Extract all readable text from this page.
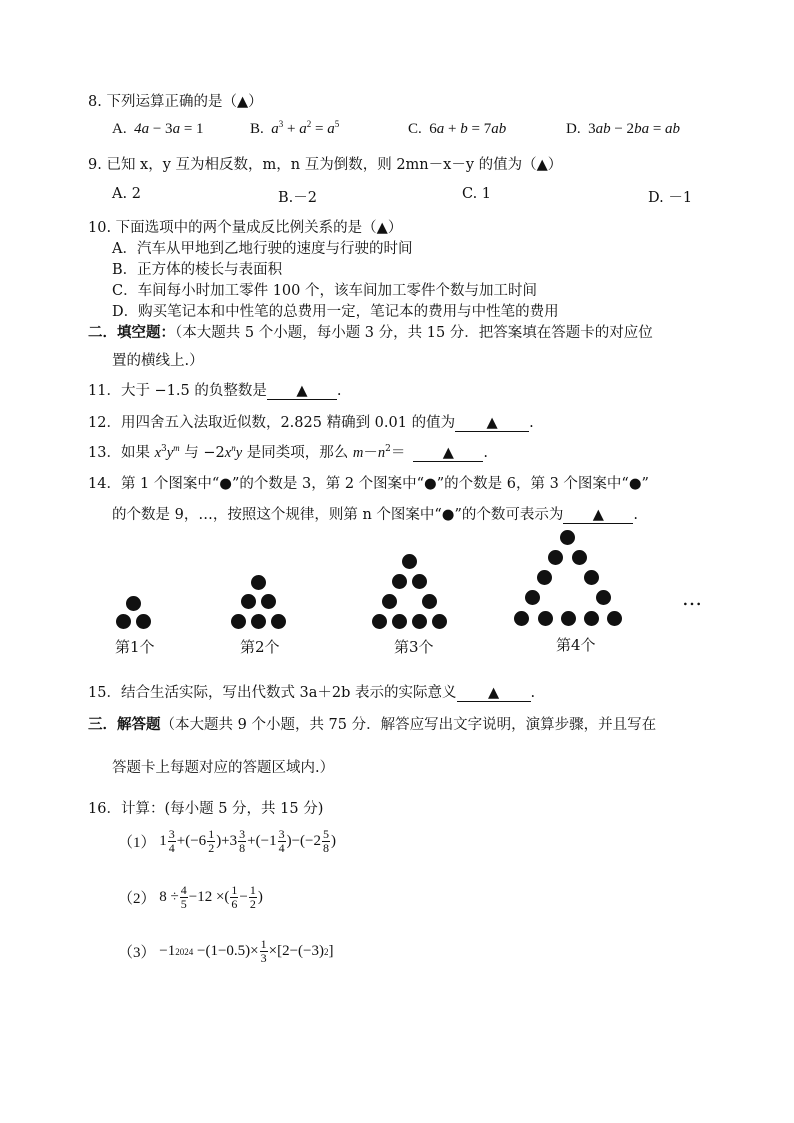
8. 下列运算正确的是（▲）
A. 4a − 3a = 1	B. $a^3 + a^2 = a^5$	C.  6a + b = 7ab	D.  3ab − 2ba = ab
9. 已知 x，y 互为相反数，m，n 互为倒数，则 2mn－x－y 的值为（▲）
A. 2	B.－2	C. 1	D. －1
10. 下面选项中的两个量成反比例关系的是（▲）
A．汽车从甲地到乙地行驶的速度与行驶的时间
B．正方体的棱长与表面积
C．车间每小时加工零件 100 个，该车间加工零件个数与加工时间
D．购买笔记本和中性笔的总费用一定，笔记本的费用与中性笔的费用
二．填空题：（本大题共 5 个小题，每小题 3 分，共 15 分．把答案填在答题卡的对应位
置的横线上.）
11．大于 −1.5 的负整数是 ▲ .
12．用四舍五入法取近似数，2.825 精确到 0.01 的值为 ▲ .
13．如果 $x^3y^m$ 与 $-2x^ny$ 是同类项，那么 $m-n^2=$	▲ .
14．第 1 个图案中“●”的个数是 3，第 2 个图案中“●”的个数是 6，第 3 个图案中“●”
的个数是 9，…，按照这个规律，则第 n 个图案中“●”的个数可表示为 ▲ .
第1个	第2个	第3个	第4个
…
15．结合生活实际，写出代数式 3a＋2b 表示的实际意义 ▲ .
三．解答题（本大题共 9 个小题，共 75 分．解答应写出文字说明，演算步骤，并且写在
答题卡上每题对应的答题区域内.）
16．计算：(每小题 5 分，共 15 分)
（1） $1 \frac{3}{4} +(-6 \frac{1}{2} )+3 \frac{3}{8} +(-1 \frac{3}{4} )-(-2 \frac{5}{8}$ )
（2） $8 \div \frac{4}{5} -12$ ×( $\frac{1}{6} - \frac{1}{2}$ )
（3） −1 $2024 -(1-0.5)\times \frac{1}{3} \times[2-(-3)$ 2 ]
